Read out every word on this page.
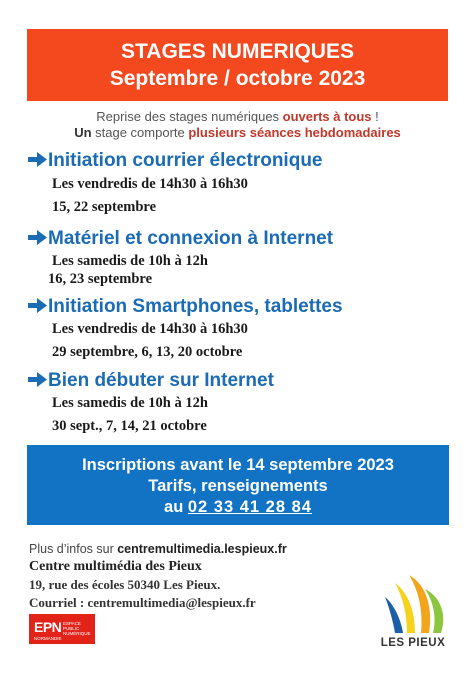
STAGES NUMERIQUES
Septembre / octobre 2023
Reprise des stages numériques ouverts à tous !
Un stage comporte plusieurs séances hebdomadaires
Initiation courrier électronique
Les vendredis de 14h30 à 16h30
15, 22 septembre
Matériel et connexion à Internet
Les samedis de 10h à 12h
16, 23 septembre
Initiation Smartphones, tablettes
Les vendredis de 14h30 à 16h30
29 septembre, 6, 13, 20 octobre
Bien débuter sur Internet
Les samedis de 10h à 12h
30 sept., 7, 14, 21 octobre
Inscriptions avant le 14 septembre 2023
Tarifs, renseignements
au 02 33 41 28 84
Plus d’infos sur centremultimedia.lespieux.fr
Centre multimédia des Pieux
19, rue des écoles 50340 Les Pieux.
Courriel : centremultimedia@lespieux.fr
EPN ESPACE
PUBLIC
NUMÉRIQUE
NORMANDIE	LES PIEUX
